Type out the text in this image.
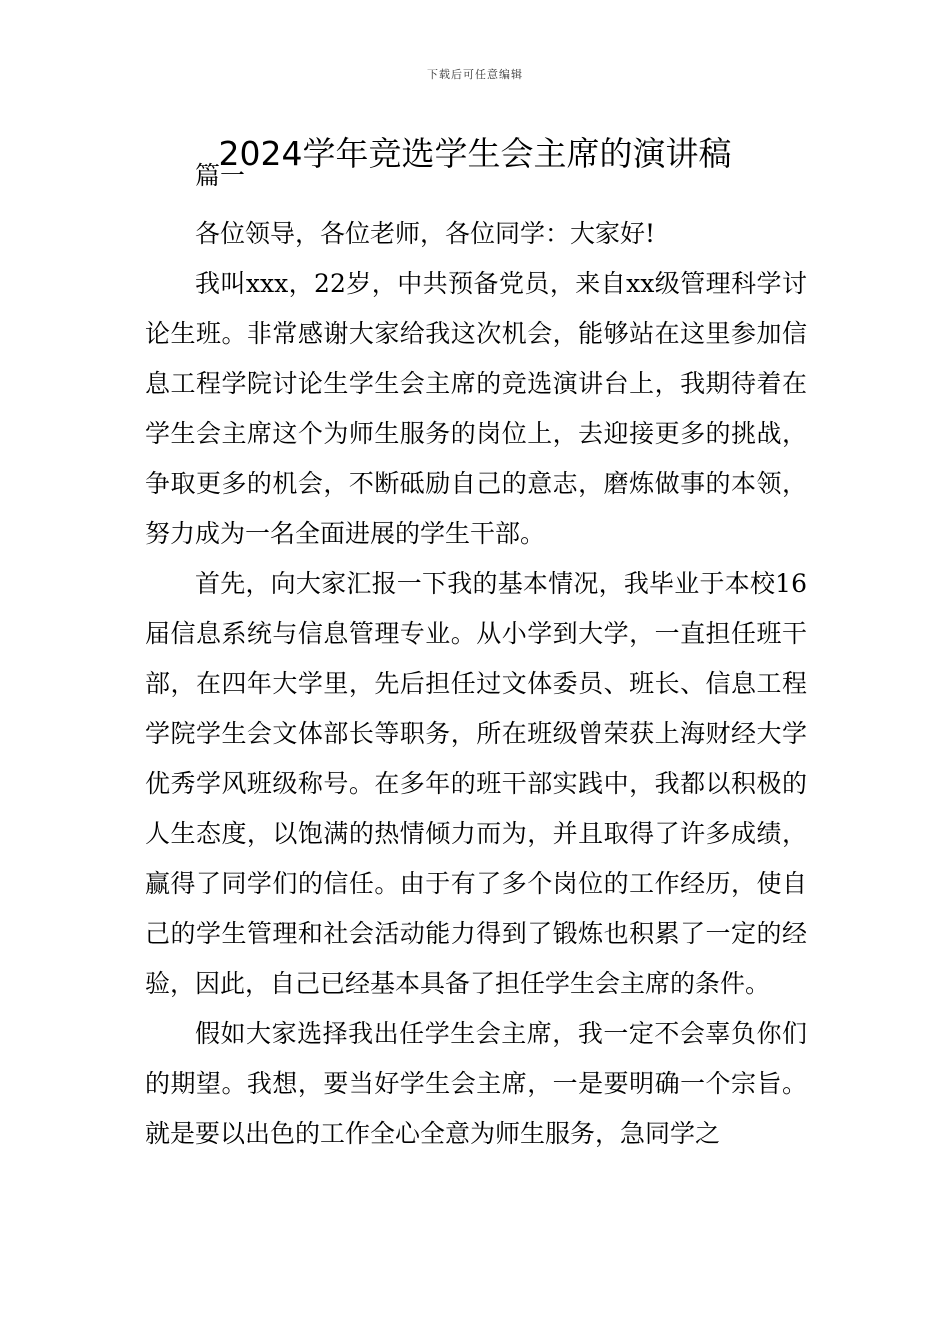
下载后可任意编辑
2024学年竞选学生会主席的演讲稿

篇一

各位领导，各位老师，各位同学：大家好!

我叫xxx，22岁，中共预备党员，来自xx级管理科学讨论生班。非常感谢大家给我这次机会，能够站在这里参加信息工程学院讨论生学生会主席的竞选演讲台上，我期待着在学生会主席这个为师生服务的岗位上，去迎接更多的挑战，争取更多的机会，不断砥励自己的意志，磨炼做事的本领，努力成为一名全面进展的学生干部。

首先，向大家汇报一下我的基本情况，我毕业于本校16届信息系统与信息管理专业。从小学到大学，一直担任班干部，在四年大学里，先后担任过文体委员、班长、信息工程学院学生会文体部长等职务，所在班级曾荣获上海财经大学优秀学风班级称号。在多年的班干部实践中，我都以积极的人生态度，以饱满的热情倾力而为，并且取得了许多成绩，赢得了同学们的信任。由于有了多个岗位的工作经历，使自己的学生管理和社会活动能力得到了锻炼也积累了一定的经验，因此，自己已经基本具备了担任学生会主席的条件。

假如大家选择我出任学生会主席，我一定不会辜负你们的期望。我想，要当好学生会主席，一是要明确一个宗旨。就是要以出色的工作全心全意为师生服务，急同学之
